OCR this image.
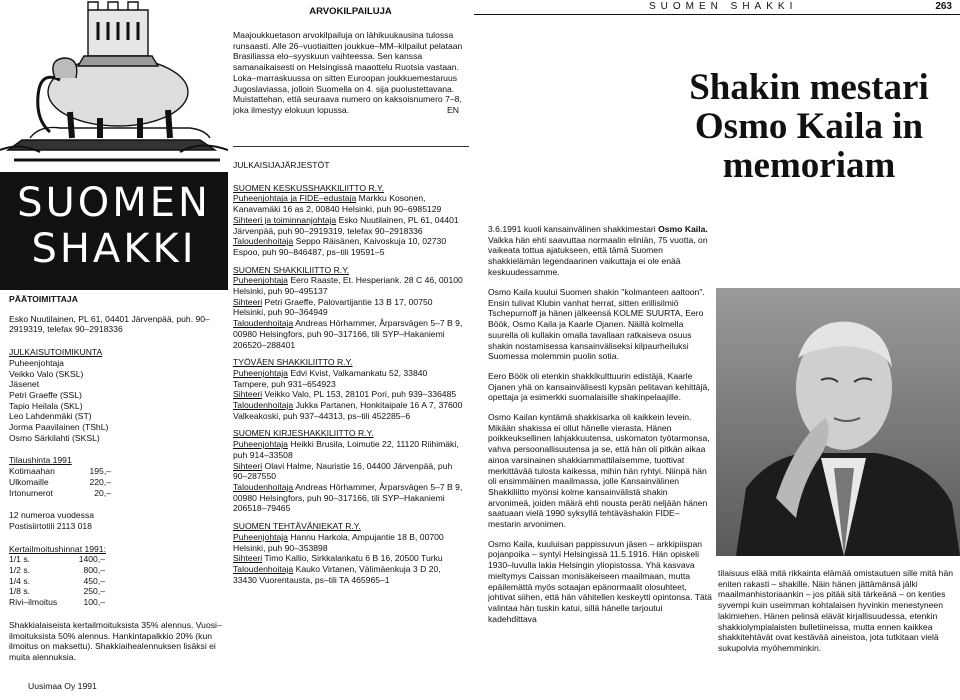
SUOMEN
SHAKKI

PÄÄTOIMITTAJA

Esko Nuutilainen, PL 61, 04401 Järvenpää, puh. 90–2919319, telefax 90–2918336

JULKAISUTOIMIKUNTA

Puheenjohtaja

Veikko Valo (SKSL)

Jäsenet

Petri Graeffe (SSL)

Tapio Heilala (SKL)

Leo Lahdenmäki (ST)

Jorma Paavilainen (TShL)

Osmo Särkilahti (SKSL)

Tilaushinta 1991

Kotimaahan	195,–
Ulkomaille	220,–
Irtonumerot	20,–

12 numeroa vuodessa

Postisiirtotili 2113 018

Kertailmoitushinnat 1991:

1/1 s.	1400,–
1/2 s.	800,–
1/4 s.	450,–
1/8 s.	250,–
Rivi–ilmoitus	100,–

Shakkialaiseista kertailmoituksista 35% alennus. Vuosi–ilmoituksista 50% alennus. Hankintapalkkio 20% (kun ilmoitus on maksettu). Shakkiaihealennuksen lisäksi ei muita alennuksia.

Uusimaa Oy 1991

ARVOKILPAILUJA

Maajoukkuetason arvokilpailuja on lähikuukausina tulossa runsaasti. Alle 26–vuotiaitten joukkue–MM–kilpailut pelataan Brasiliassa elo–syyskuun vaihteessa. Sen kanssa samanaikaisesti on Helsingissä maaottelu Ruotsia vastaan. Loka–marraskuussa on sitten Euroopan joukkuemestaruus Jugoslaviassa, jolloin Suomella on 4. sija puolustettavana.

Muistattehan, että seuraava numero on kaksoisnumero 7–8, joka ilmestyy elokuun lopussa.	EN

JULKAISIJAJÄRJESTÖT

SUOMEN KESKUSSHAKKILIITTO R.Y.

Puheenjohtaja ja FIDE–edustaja Markku Kosonen, Kanavamäki 16 as 2, 00840 Helsinki, puh 90–6985129

Sihteeri ja toiminnanjohtaja Esko Nuutilainen, PL 61, 04401 Järvenpää, puh 90–2919319, telefax 90–2918336

Taloudenhoitaja Seppo Räisänen, Kaivoskuja 10, 02730 Espoo, puh 90–846487, ps–tili 19591–5

SUOMEN SHAKKILIITTO R.Y.

Puheenjohtaja Eero Raaste, Et. Hesperiank. 28 C 46, 00100 Helsinki, puh 90–495137

Sihteeri Petri Graeffe, Palovartijantie 13 B 17, 00750 Helsinki, puh 90–364949

Taloudenhoitaja Andreas Hörhammer, Årparsvägen 5–7 B 9, 00980 Helsingfors, puh 90–317166, tili SYP–Hakaniemi 206520–288401

TYÖVÄEN SHAKKILIITTO R.Y.

Puheenjohtaja Edvi Kvist, Valkamankatu 52, 33840 Tampere, puh 931–654923

Sihteeri Veikko Valo, PL 153, 28101 Pori, puh 939–336485

Taloudenhoitaja Jukka Partanen, Honkitaipale 16 A 7, 37600 Valkeakoski, puh 937–44313, ps–tili 452285–6

SUOMEN KIRJESHAKKILIITTO R.Y.

Puheenjohtaja Heikki Brusila, Loimutie 22, 11120 Riihimäki, puh 914–33508

Sihteeri Olavi Halme, Nauristie 16, 04400 Järvenpää, puh 90–287550

Taloudenhoitaja Andreas Hörhammer, Årparsvägen 5–7 B 9, 00980 Helsingfors, puh 90–317166, tili SYP–Hakaniemi 206518–79465

SUOMEN TEHTÄVÄNIEKAT R.Y.

Puheenjohtaja Hannu Harkola, Ampujantie 18 B, 00700 Helsinki, puh 90–353898

Sihteeri Timo Kallio, Sirkkalankatu 6 B 16, 20500 Turku

Taloudenhoitaja Kauko Virtanen, Välimäenkuja 3 D 20, 33430 Vuorentausta, ps–tili TA 465965–1

SUOMEN SHAKKI	263
Shakin mestari Osmo Kaila in memoriam
3.6.1991 kuoli kansainvälinen shakkimestari Osmo Kaila. Vaikka hän ehti saavuttaa normaalin eliniän, 75 vuotta, on vaikeata tottua ajatukseen, että tämä Suomen shakkielämän legendaarinen vaikuttaja ei ole enää keskuudessamme.

Osmo Kaila kuului Suomen shakin "kolmanteen aaltoon". Ensin tulivat Klubin vanhat herrat, sitten erillisilmiö Tschepurnoff ja hänen jälkeensä KOLME SUURTA, Eero Böök, Osmo Kaila ja Kaarle Ojanen. Näillä kolmella suurella oli kullakin omalla tavallaan ratkaiseva osuus shakin nostamisessa kansainväliseksi kilpaurheiluksi Suomessa molemmin puolin sotia.

Eero Böök oli etenkin shakkikulttuurin edistäjä, Kaarle Ojanen yhä on kansainvälisesti kypsän pelitavan kehittäjä, opettaja ja esimerkki suomalaisille shakinpelaajille.

Osmo Kailan kyntämä shakkisarka oli kaikkein levein. Mikään shakissa ei ollut hänelle vierasta. Hänen poikkeuksellinen lahjakkuutensa, uskomaton työtarmonsa, vahva persoonallisuutensa ja se, että hän oli pitkän aikaa ainoa varsinainen shakkiammattilaisemme, tuottivat merkittävää tulosta kaikessa, mihin hän ryhtyi. Niinpä hän oli ensimmäinen maailmassa, jolle Kansainvälinen Shakkiliitto myönsi kolme kansainvälistä shakin arvonimeä, joiden määrä ehti nousta peräti neljään hänen saatuaan vielä 1990 syksyllä tehtäväshakin FIDE–mestarin arvonimen.

Osmo Kaila, kuuluisan pappissuvun jäsen – arkkipiispan pojanpoika – syntyi Helsingissä 11.5.1916. Hän opiskeli 1930–luvulla lakia Helsingin yliopistossa. Yhä kasvava mieltymys Caissan monisäkeiseen maailmaan, mutta epäilemättä myös sotaajan epänormaalit olosuhteet, johtivat siihen, että hän vähitellen keskeytti opintonsa. Tätä valintaa hän tuskin katui, sillä hänelle tarjoutui kadehdittava

tilaisuus elää mitä rikkainta elämää omistautuen sille mitä hän eniten rakasti – shakille. Näin hänen jättämänsä jälki maailmanhistoriaankin – jos pitää sitä tärkeänä – on kenties syvempi kuin useimman kohtalaisen hyvinkin menestyneen lakimiehen. Hänen pelinsä elävät kirjallisuudessa, etenkin shakkiolympialaisten bulletiineissa, mutta ennen kaikkea shakkitehtävät ovat kestävää aineistoa, jota tutkitaan vielä sukupolvia myöhemminkin.
